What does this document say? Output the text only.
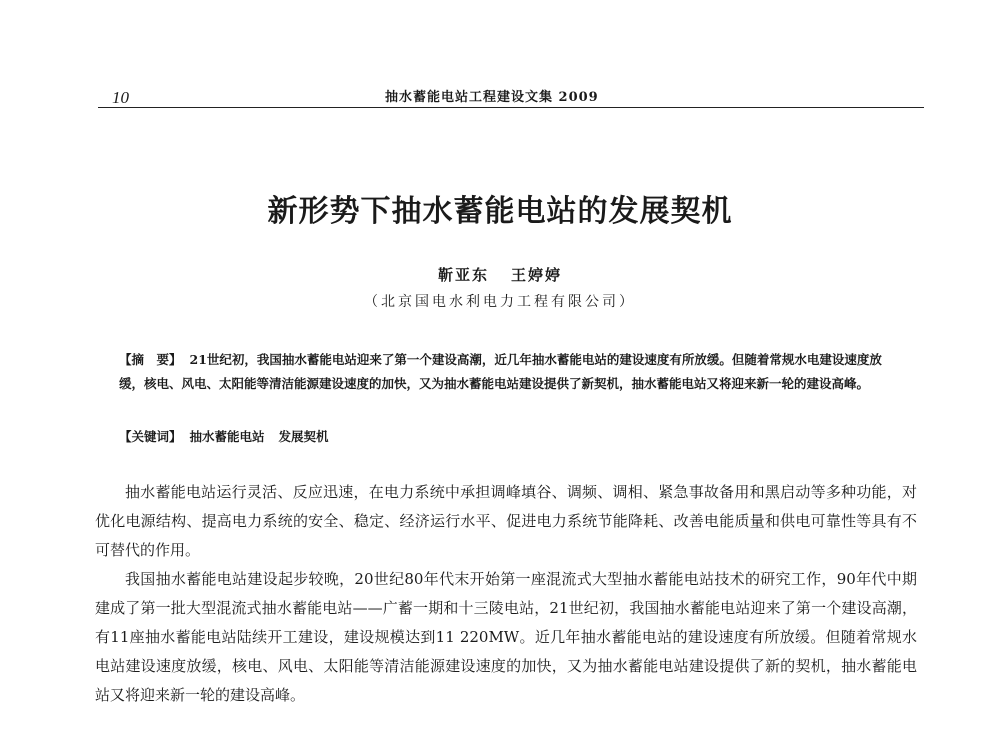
10	抽水蓄能电站工程建设文集 2009
新形势下抽水蓄能电站的发展契机
靳亚东 王婷婷
（北京国电水利电力工程有限公司）

【摘　要】 21世纪初，我国抽水蓄能电站迎来了第一个建设高潮，近几年抽水蓄能电站的建设速度有所放缓。但随着常规水电建设速度放缓，核电、风电、太阳能等清洁能源建设速度的加快，又为抽水蓄能电站建设提供了新契机，抽水蓄能电站又将迎来新一轮的建设高峰。

【关键词】 抽水蓄能电站 发展契机

抽水蓄能电站运行灵活、反应迅速，在电力系统中承担调峰填谷、调频、调相、紧急事故备用和黑启动等多种功能，对优化电源结构、提高电力系统的安全、稳定、经济运行水平、促进电力系统节能降耗、改善电能质量和供电可靠性等具有不可替代的作用。

我国抽水蓄能电站建设起步较晚，20世纪80年代末开始第一座混流式大型抽水蓄能电站技术的研究工作，90年代中期建成了第一批大型混流式抽水蓄能电站——广蓄一期和十三陵电站，21世纪初，我国抽水蓄能电站迎来了第一个建设高潮，有11座抽水蓄能电站陆续开工建设，建设规模达到11 220MW。近几年抽水蓄能电站的建设速度有所放缓。但随着常规水电站建设速度放缓，核电、风电、太阳能等清洁能源建设速度的加快，又为抽水蓄能电站建设提供了新的契机，抽水蓄能电站又将迎来新一轮的建设高峰。
